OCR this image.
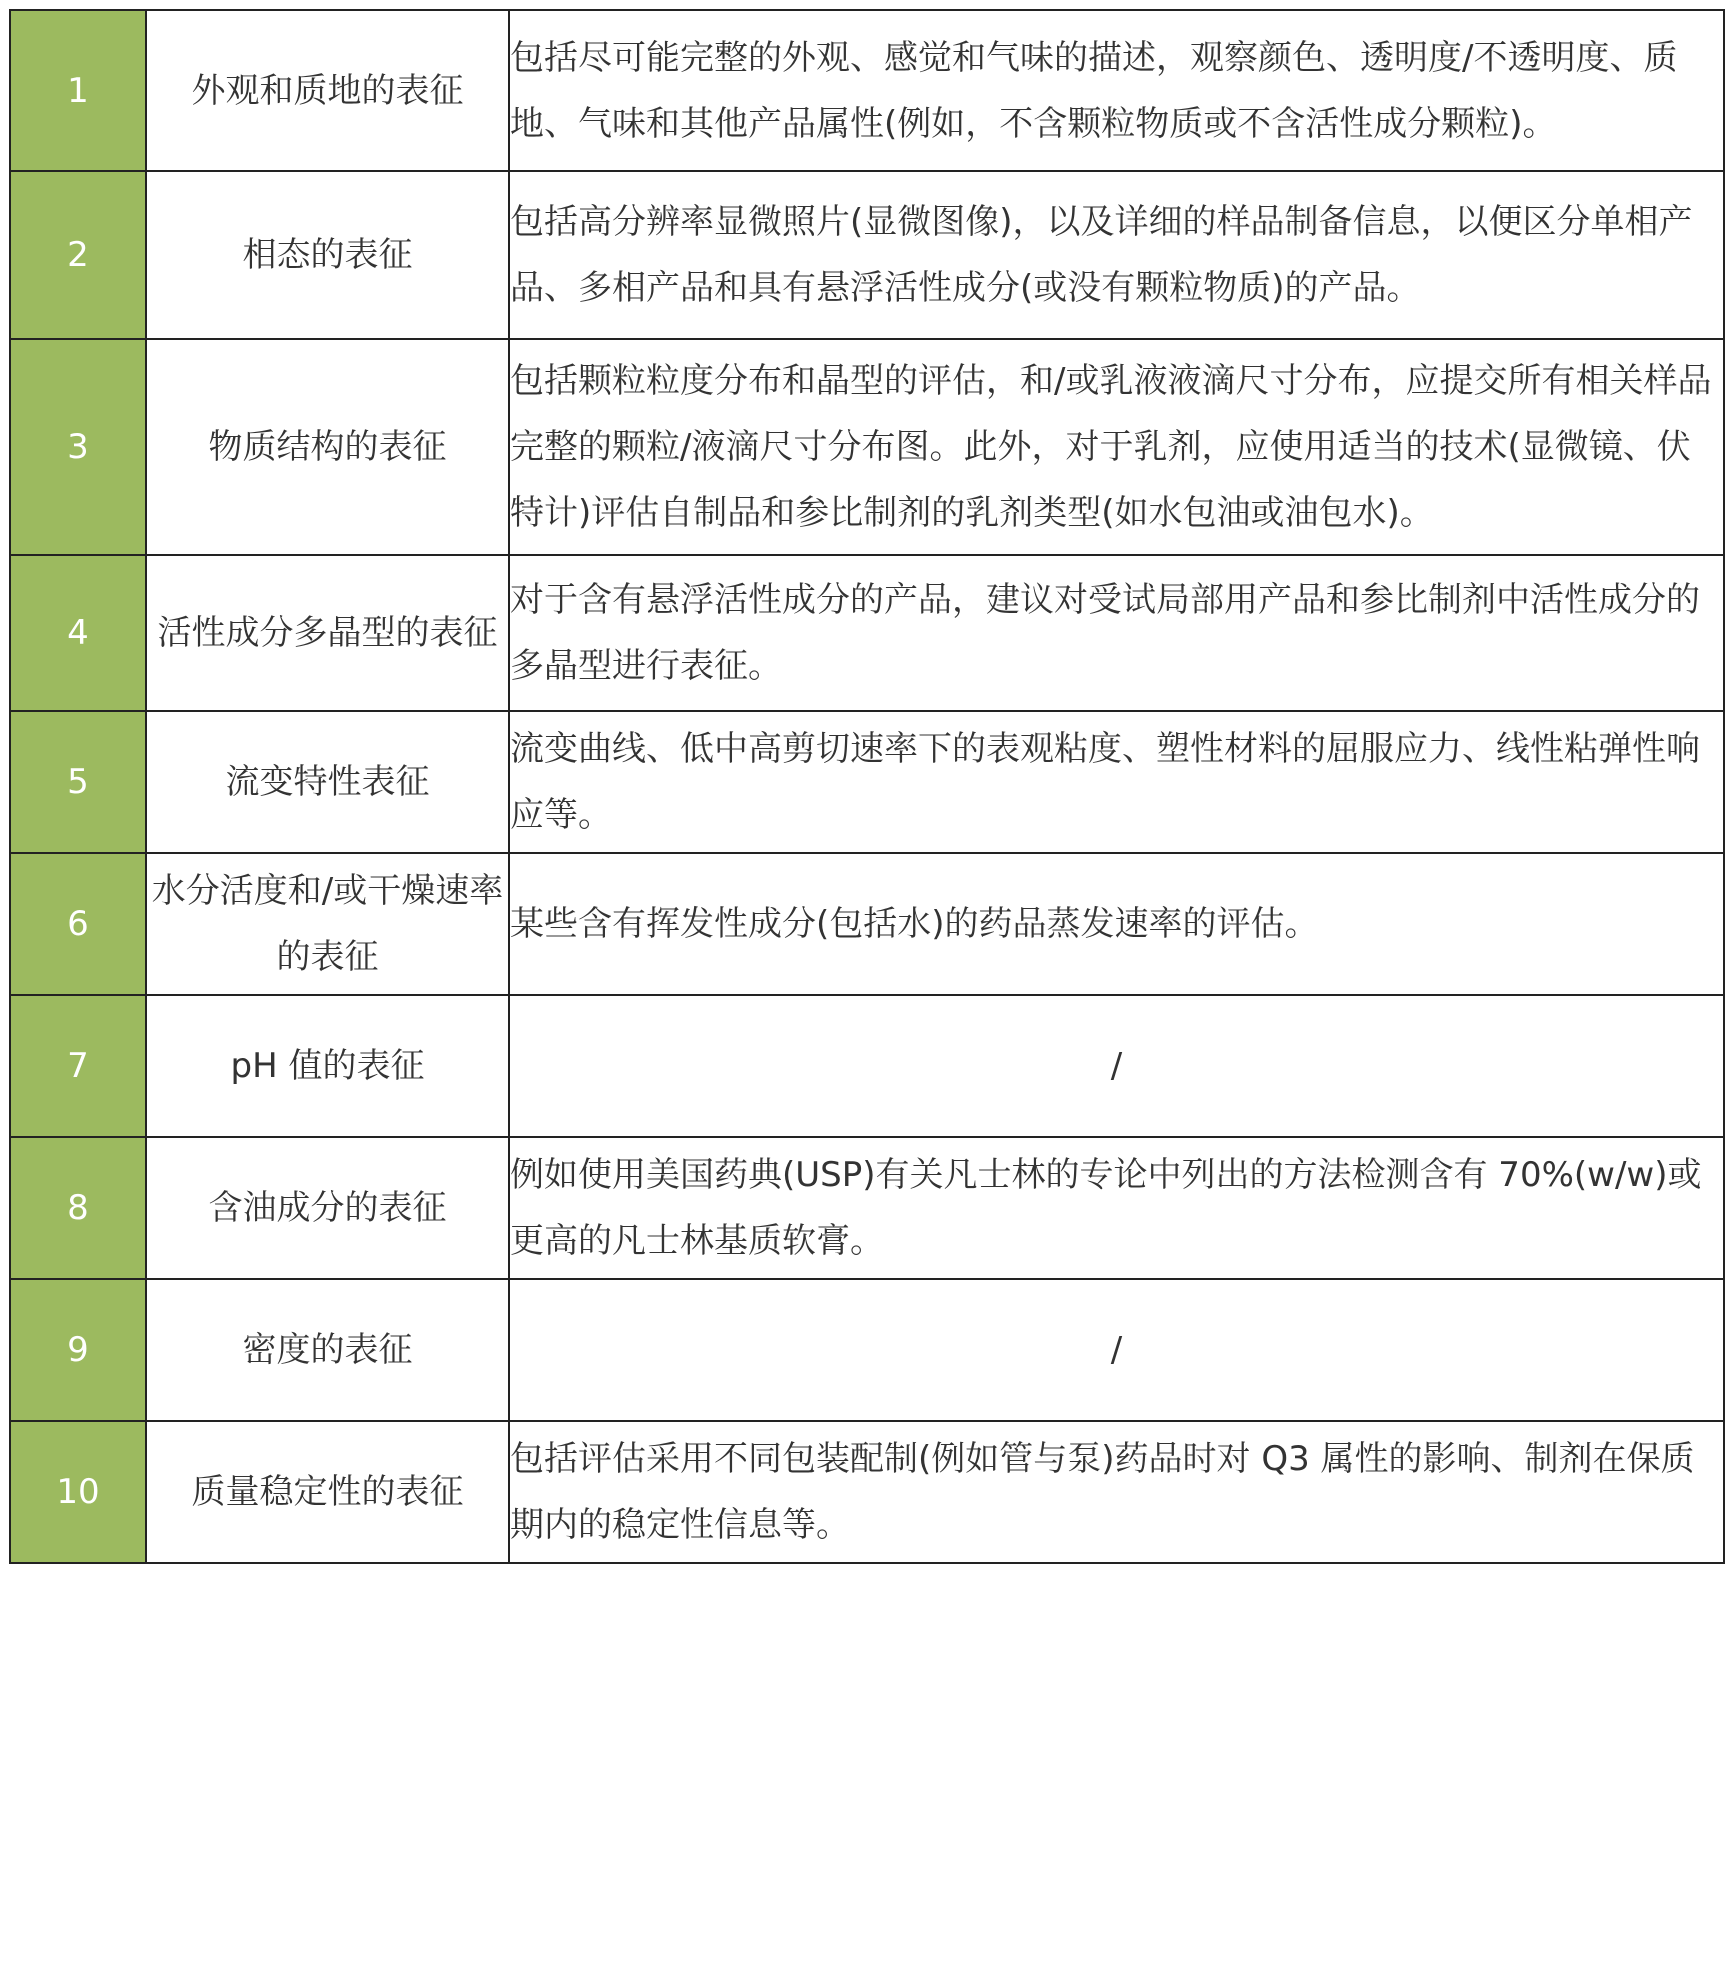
1	外观和质地的表征	包括尽可能完整的外观、感觉和气味的描述，观察颜色、透明度/不透明度、质地、气味和其他产品属性(例如，不含颗粒物质或不含活性成分颗粒)。
2	相态的表征	包括高分辨率显微照片(显微图像)，以及详细的样品制备信息，以便区分单相产品、多相产品和具有悬浮活性成分(或没有颗粒物质)的产品。
3	物质结构的表征	包括颗粒粒度分布和晶型的评估，和/或乳液液滴尺寸分布，应提交所有相关样品完整的颗粒/液滴尺寸分布图。此外，对于乳剂，应使用适当的技术(显微镜、伏特计)评估自制品和参比制剂的乳剂类型(如水包油或油包水)。
4	活性成分多晶型的表征	对于含有悬浮活性成分的产品，建议对受试局部用产品和参比制剂中活性成分的多晶型进行表征。
5	流变特性表征	流变曲线、低中高剪切速率下的表观粘度、塑性材料的屈服应力、线性粘弹性响应等。
6	水分活度和/或干燥速率的表征	某些含有挥发性成分(包括水)的药品蒸发速率的评估。
7	pH 值的表征	/
8	含油成分的表征	例如使用美国药典(USP)有关凡士林的专论中列出的方法检测含有 70%(w/w)或更高的凡士林基质软膏。
9	密度的表征	/
10	质量稳定性的表征	包括评估采用不同包装配制(例如管与泵)药品时对 Q3 属性的影响、制剂在保质期内的稳定性信息等。
